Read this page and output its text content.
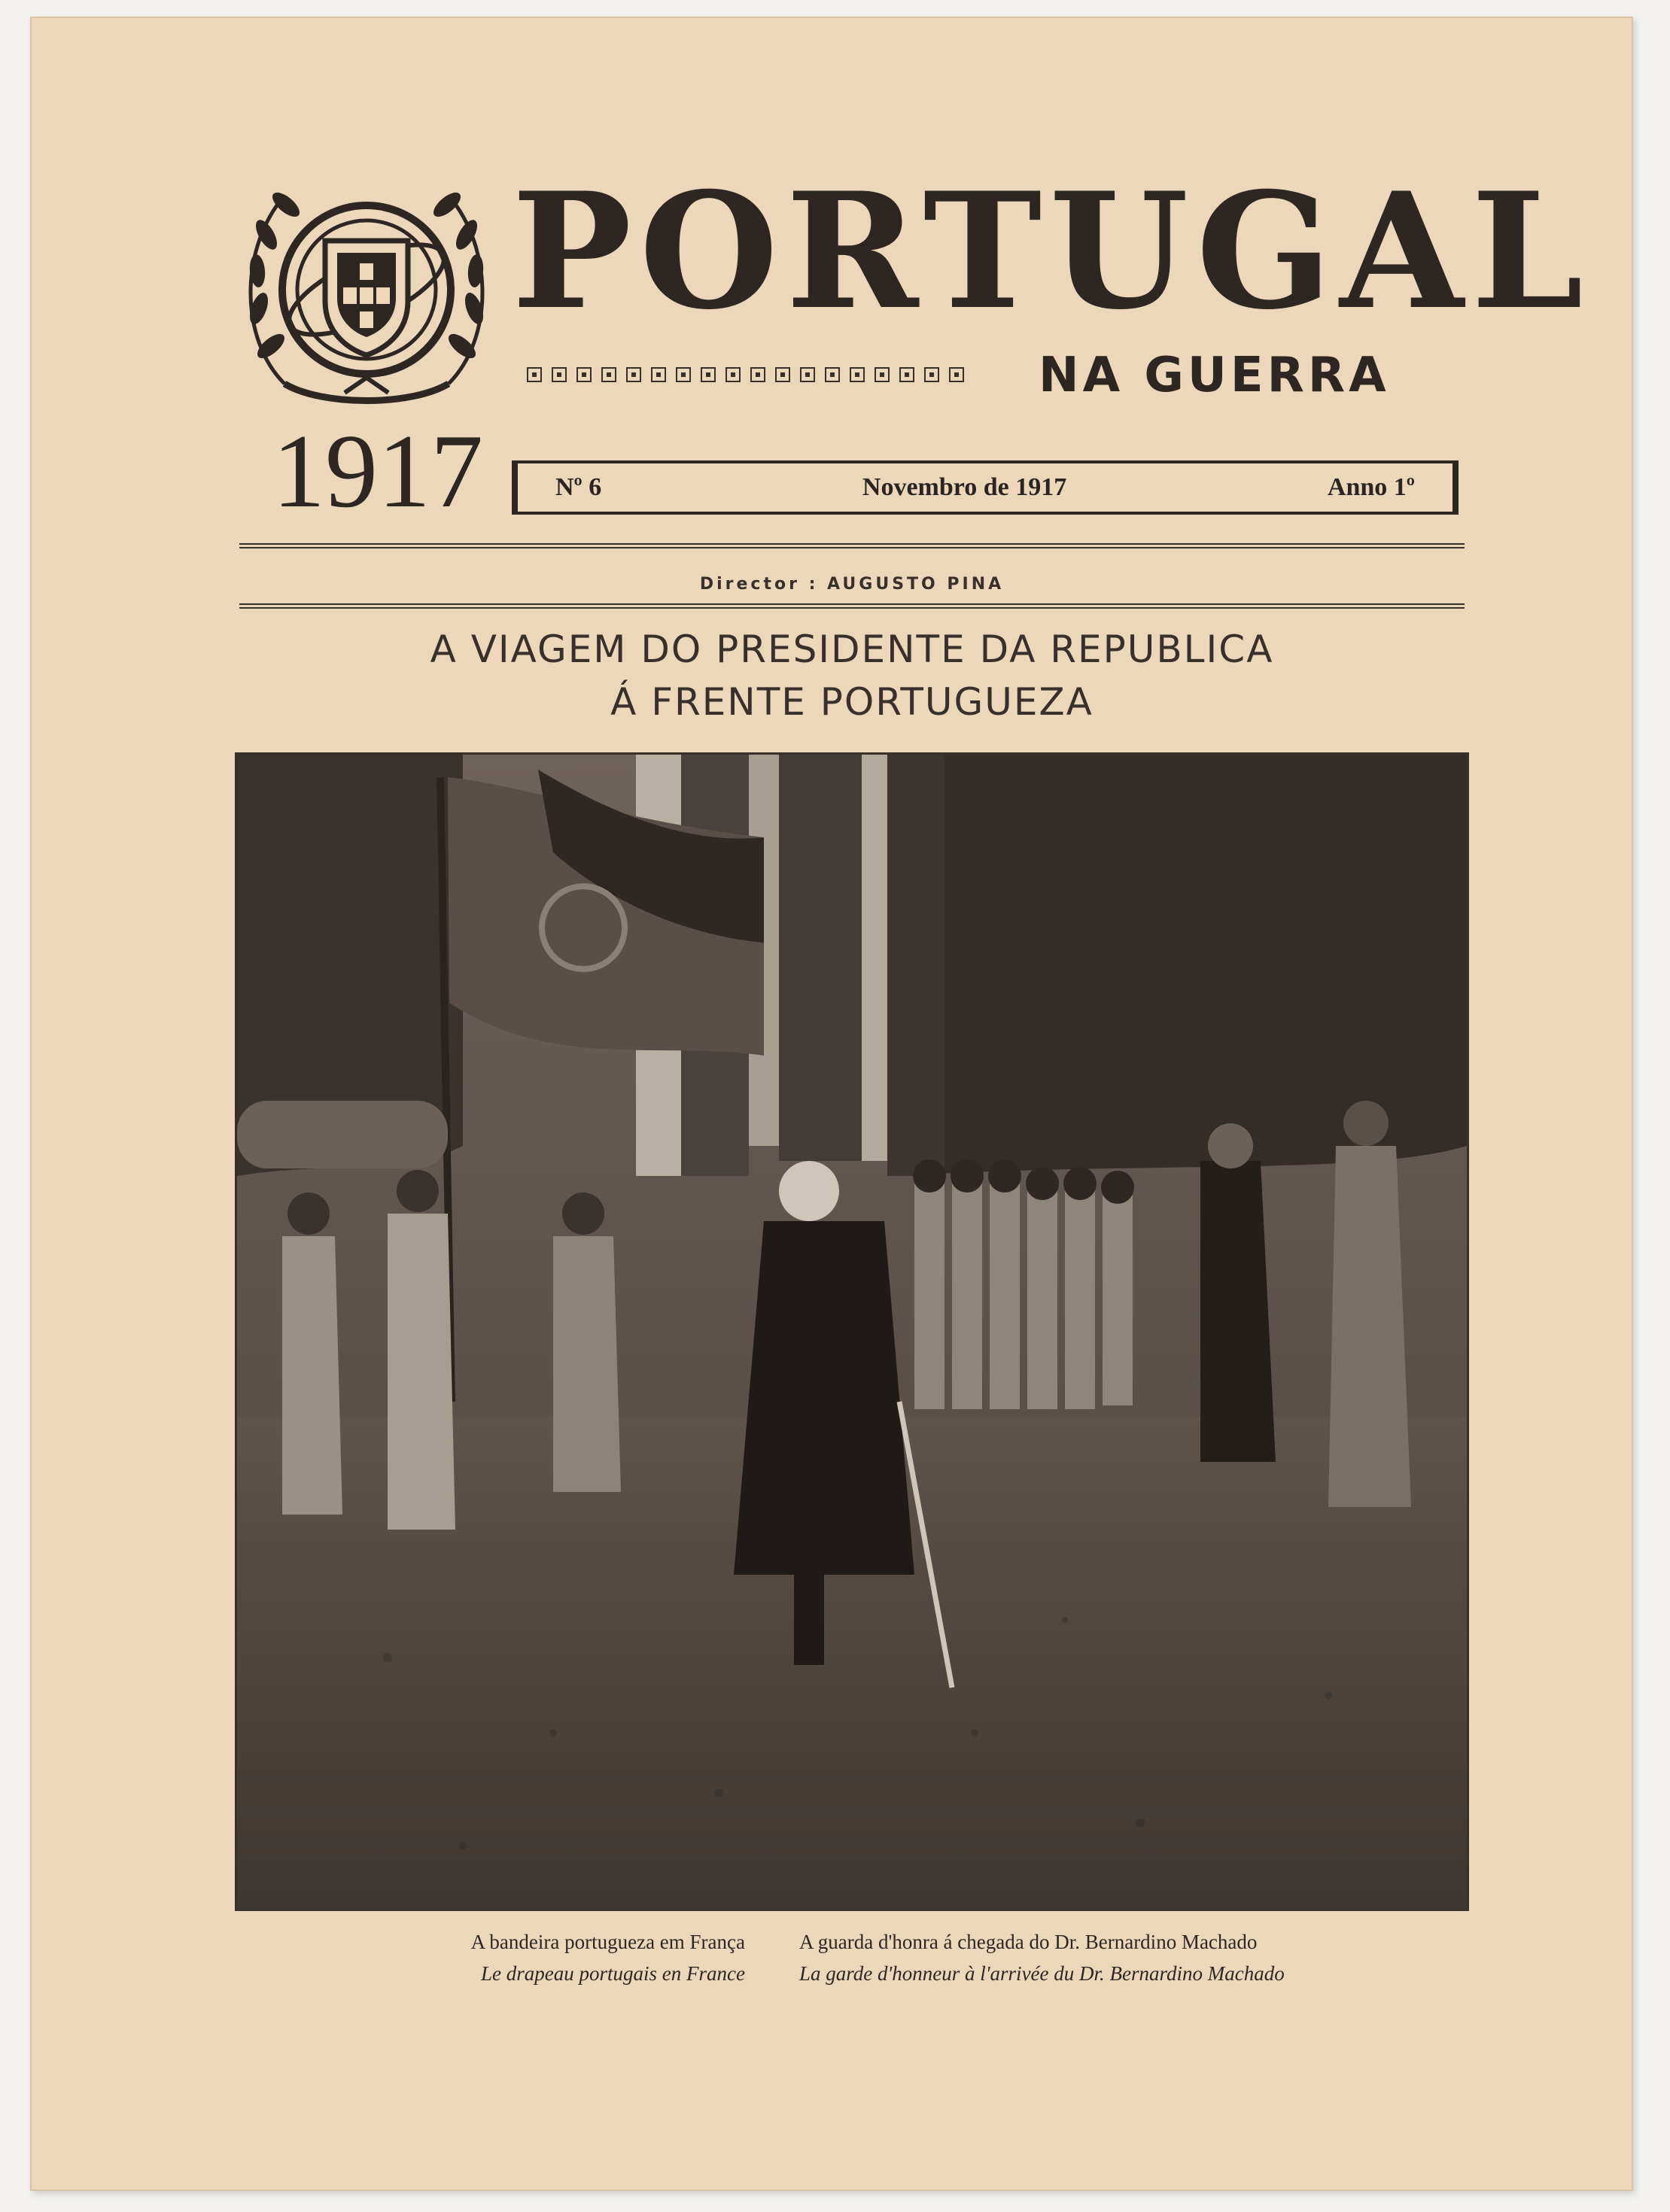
PORTUGAL
NA GUERRA
1917	Nº 6	Novembro de 1917	Anno 1º
Director : AUGUSTO PINA
A VIAGEM DO PRESIDENTE DA REPUBLICA
Á FRENTE PORTUGUEZA
A bandeira portugueza em França
Le drapeau portugais en France
A guarda d'honra á chegada do Dr. Bernardino Machado
La garde d'honneur à l'arrivée du Dr. Bernardino Machado
